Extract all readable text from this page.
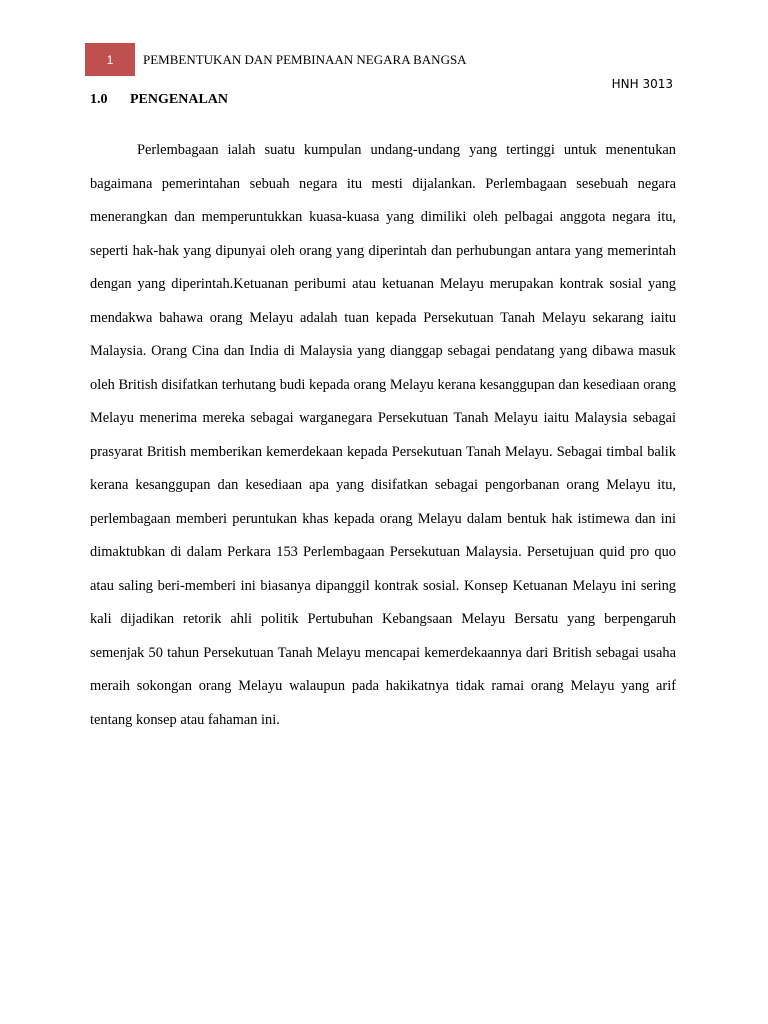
1 PEMBENTUKAN DAN PEMBINAAN NEGARA BANGSA
HNH 3013
1.0 PENGENALAN

Perlembagaan ialah suatu kumpulan undang-undang yang tertinggi untuk menentukan bagaimana pemerintahan sebuah negara itu mesti dijalankan. Perlembagaan sesebuah negara menerangkan dan memperuntukkan kuasa-kuasa yang dimiliki oleh pelbagai anggota negara itu, seperti hak-hak yang dipunyai oleh orang yang diperintah dan perhubungan antara yang memerintah dengan yang diperintah.Ketuanan peribumi atau ketuanan Melayu merupakan kontrak sosial yang mendakwa bahawa orang Melayu adalah tuan kepada Persekutuan Tanah Melayu sekarang iaitu Malaysia. Orang Cina dan India di Malaysia yang dianggap sebagai pendatang yang dibawa masuk oleh British disifatkan terhutang budi kepada orang Melayu kerana kesanggupan dan kesediaan orang Melayu menerima mereka sebagai warganegara Persekutuan Tanah Melayu iaitu Malaysia sebagai prasyarat British memberikan kemerdekaan kepada Persekutuan Tanah Melayu. Sebagai timbal balik kerana kesanggupan dan kesediaan apa yang disifatkan sebagai pengorbanan orang Melayu itu, perlembagaan memberi peruntukan khas kepada orang Melayu dalam bentuk hak istimewa dan ini dimaktubkan di dalam Perkara 153 Perlembagaan Persekutuan Malaysia. Persetujuan quid pro quo atau saling beri-memberi ini biasanya dipanggil kontrak sosial. Konsep Ketuanan Melayu ini sering kali dijadikan retorik ahli politik Pertubuhan Kebangsaan Melayu Bersatu yang berpengaruh semenjak 50 tahun Persekutuan Tanah Melayu mencapai kemerdekaannya dari British sebagai usaha meraih sokongan orang Melayu walaupun pada hakikatnya tidak ramai orang Melayu yang arif tentang konsep atau fahaman ini.
